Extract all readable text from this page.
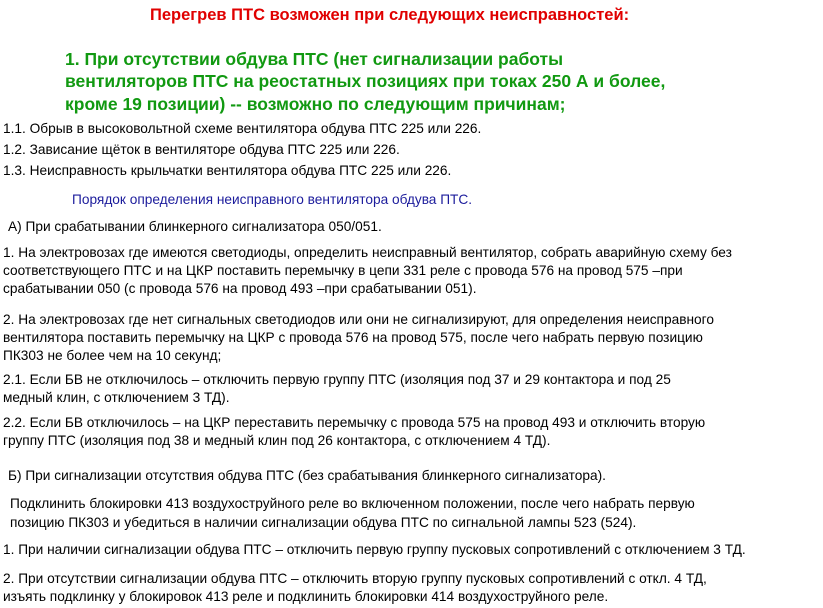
Перегрев ПТС возможен при следующих неисправностей:
1. При отсутствии обдува ПТС (нет сигнализации работы
вентиляторов ПТС на реостатных позициях при токах 250 А и более,
кроме 19 позиции) -- возможно по следующим причинам;
1.1. Обрыв в высоковольтной схеме вентилятора обдува ПТС 225 или 226.
1.2. Зависание щёток в вентиляторе обдува ПТС 225 или 226.
1.3. Неисправность крыльчатки вентилятора обдува ПТС 225 или 226.
Порядок определения неисправного вентилятора обдува ПТС.
А) При срабатывании блинкерного сигнализатора 050/051.
1. На электровозах где имеются светодиоды, определить неисправный вентилятор, собрать аварийную схему без
соответствующего ПТС и на ЦКР поставить перемычку в цепи 331 реле с провода 576 на провод 575 –при
срабатывании 050 (с провода 576 на провод 493 –при срабатывании 051).
2. На электровозах где нет сигнальных светодиодов или они не сигнализируют, для определения неисправного
вентилятора поставить перемычку на ЦКР с провода 576 на провод 575, после чего набрать первую позицию
ПК303 не более чем на 10 секунд;
2.1. Если БВ не отключилось – отключить первую группу ПТС (изоляция под 37 и 29 контактора и под 25
медный клин, с отключением 3 ТД).
2.2. Если БВ отключилось – на ЦКР переставить перемычку с провода 575 на провод 493 и отключить вторую
группу ПТС (изоляция под 38 и медный клин под 26 контактора, с отключением 4 ТД).
Б) При сигнализации отсутствия обдува ПТС (без срабатывания блинкерного сигнализатора).
Подклинить блокировки 413 воздухоструйного реле во включенном положении, после чего набрать первую
позицию ПК303 и убедиться в наличии сигнализации обдува ПТС по сигнальной лампы 523 (524).
1. При наличии сигнализации обдува ПТС – отключить первую группу пусковых сопротивлений с отключением 3 ТД.
2. При отсутствии сигнализации обдува ПТС – отключить вторую группу пусковых сопротивлений с откл. 4 ТД,
изъять подклинку у блокировок 413 реле и подклинить блокировки 414 воздухоструйного реле.
